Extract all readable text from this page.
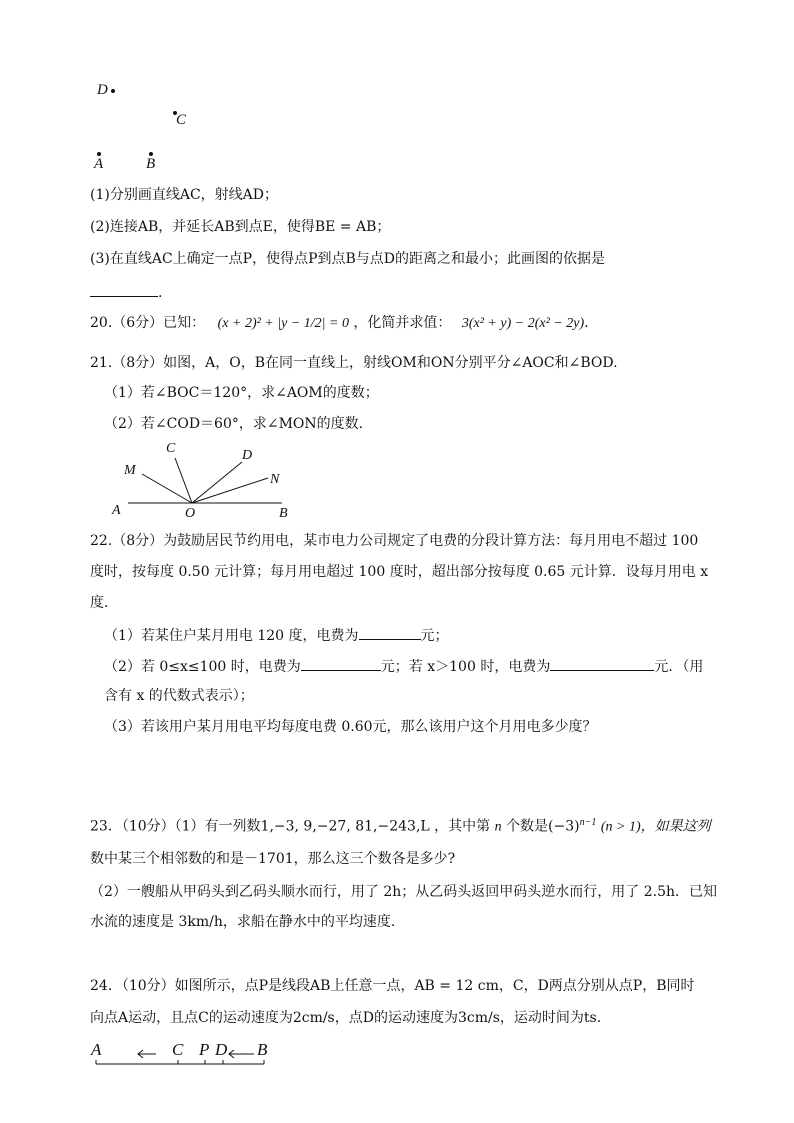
D
C
A	B
(1)分别画直线AC，射线AD；
(2)连接AB，并延长AB到点E，使得BE = AB；
(3)在直线AC上确定一点P，使得点P到点B与点D的距离之和最小；此画图的依据是
.
20.（6分）已知： (x + 2)² + |y − 1/2| = 0 ，化简并求值： 3(x² + y) − 2(x² − 2y).
21.（8分）如图，A，O，B在同一直线上，射线OM和ON分别平分∠AOC和∠BOD.
（1）若∠BOC＝120°，求∠AOM的度数；
（2）若∠COD＝60°，求∠MON的度数.
M
C	D
N
A	O	B
22.（8分）为鼓励居民节约用电，某市电力公司规定了电费的分段计算方法：每月用电不超过 100
度时，按每度 0.50 元计算；每月用电超过 100 度时，超出部分按每度 0.65 元计算．设每月用电 x
度．
（1）若某住户某月用电 120 度，电费为	元；
（2）若 0≤x≤100 时，电费为	元；若 x＞100 时，电费为	元．（用
含有 x 的代数式表示）；
（3）若该用户某月用电平均每度电费 0.60元，那么该用户这个月用电多少度？
23．（10分）（1）有一列数1,−3, 9,−27, 81,−243,L ，其中第 n 个数是$(-3)^{n-1}$ (n > 1)，如果这列
数中某三个相邻数的和是－1701，那么这三个数各是多少?
（2）一艘船从甲码头到乙码头顺水而行，用了 2h；从乙码头返回甲码头逆水而行，用了 2.5h．已知
水流的速度是 3km/h，求船在静水中的平均速度.
24．（10分）如图所示，点P是线段AB上任意一点，AB = 12 cm，C，D两点分别从点P，B同时
向点A运动，且点C的运动速度为2cm/s，点D的运动速度为3cm/s，运动时间为ts.
A	C P D B
